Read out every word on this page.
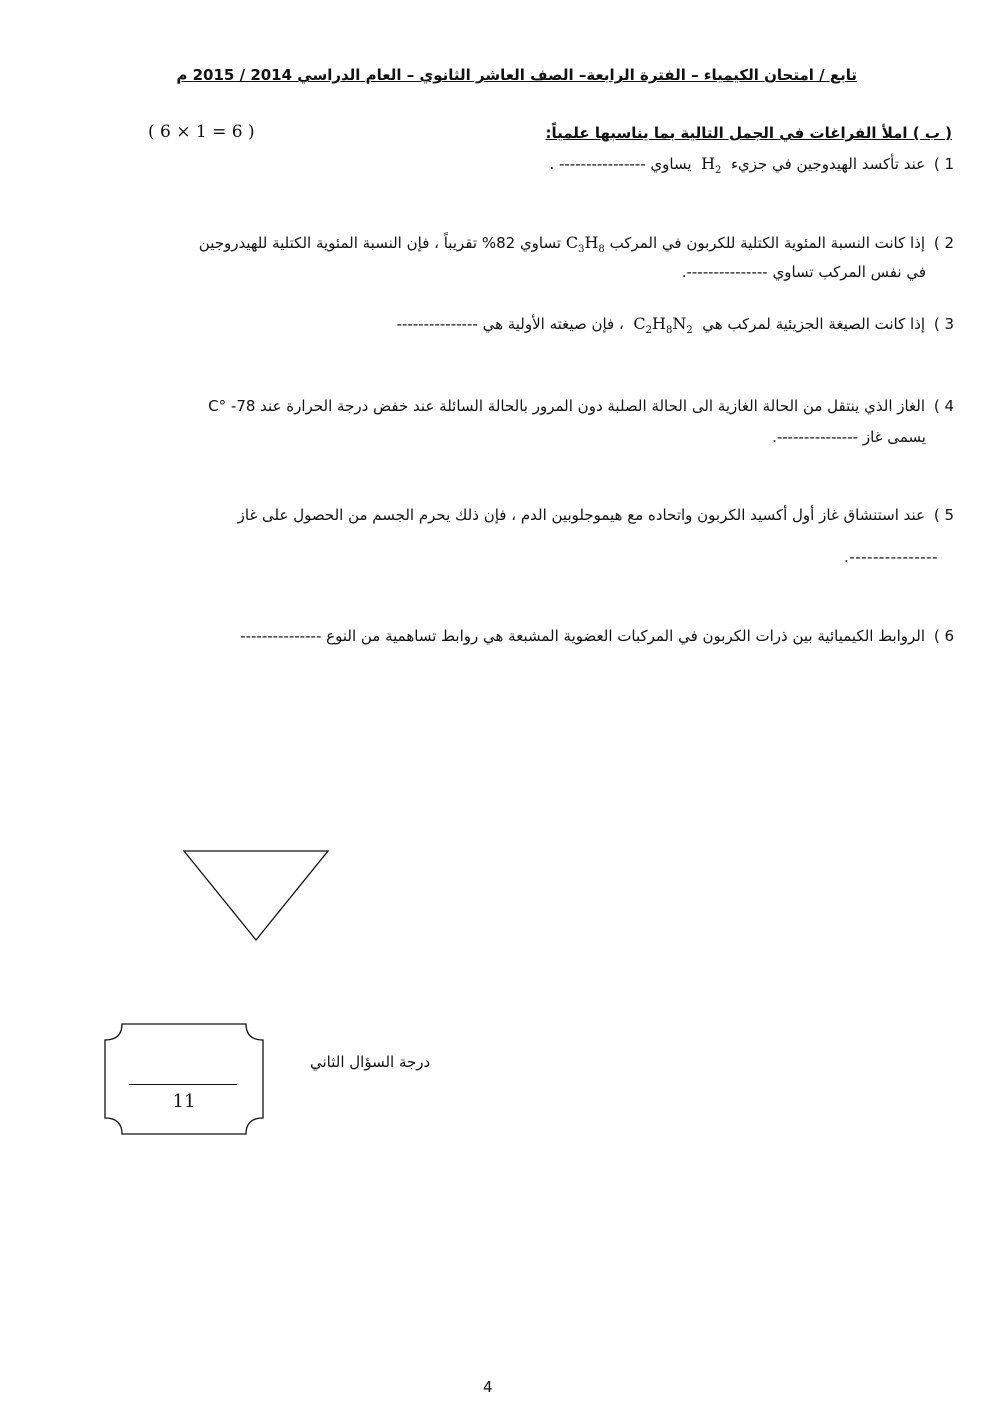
تابع / امتحان الكيمياء – الفترة الرابعة– الصف العاشر الثانوي – العام الدراسي 2014 / 2015 م
( 6 × 1 = 6 )	( ب ) املأ الفراغات في الجمل التالية بما يناسبها علمياً:
1 ) عند تأكسد الهيدوجين في جزيء  $H_2$  يساوي ---------------- .
2 ) إذا كانت النسبة المئوية الكتلية للكربون في المركب $C_3H_8$ تساوي 82% تقريباً ، فإن النسبة المئوية الكتلية للهيدروجين
في نفس المركب تساوي ---------------.
3 ) إذا كانت الصيغة الجزيئية لمركب هي  $C_2H_8N_2$  ، فإن صيغته الأولية هي ---------------
4 ) الغاز الذي ينتقل من الحالة الغازية الى الحالة الصلبة دون المرور بالحالة السائلة عند خفض درجة الحرارة عند 78- °C
يسمى غاز ---------------.
5 ) عند استنشاق غاز أول أكسيد الكربون واتحاده مع هيموجلوبين الدم ، فإن ذلك يحرم الجسم من الحصول على غاز
---------------.
6 ) الروابط الكيميائية بين ذرات الكربون في المركبات العضوية المشبعة هي روابط تساهمية من النوع ---------------
11
درجة السؤال الثاني
4
